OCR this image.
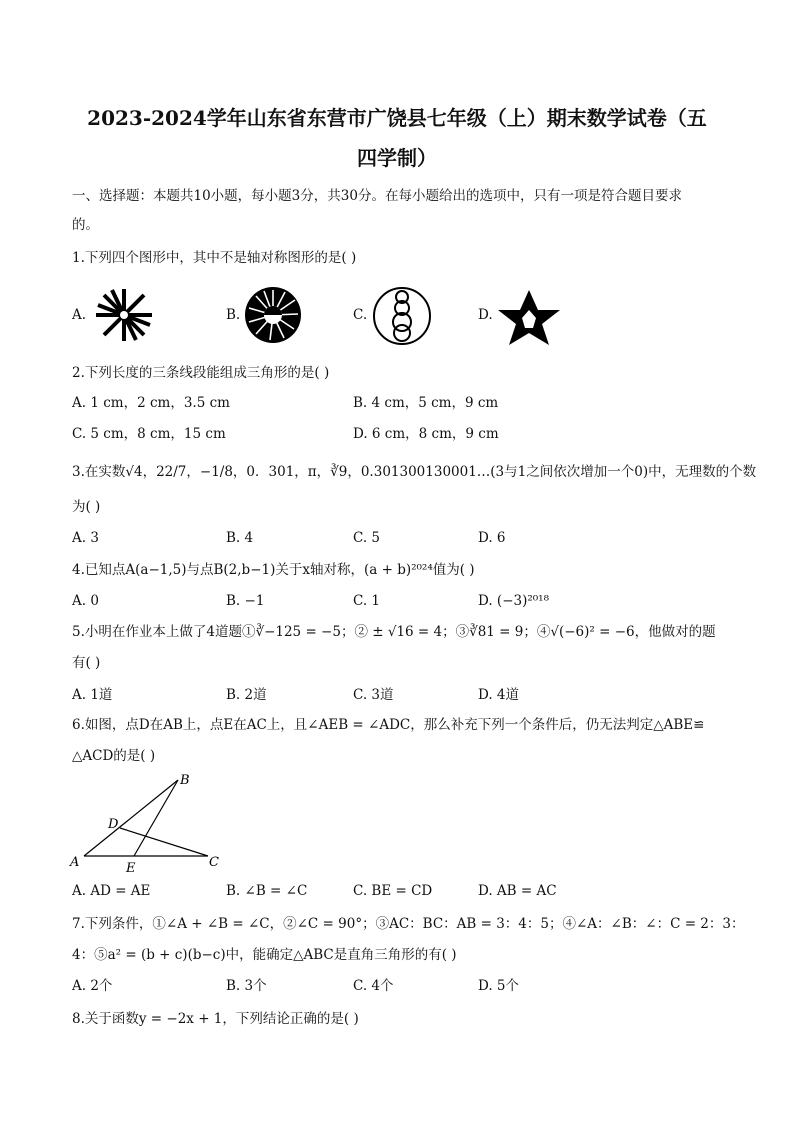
2023-2024学年山东省东营市广饶县七年级（上）期末数学试卷（五
四学制）
一、选择题：本题共10小题，每小题3分，共30分。在每小题给出的选项中，只有一项是符合题目要求
的。
1.下列四个图形中，其中不是轴对称图形的是( )
A.	B.	C.	D.
2.下列长度的三条线段能组成三角形的是( )
A. 1 cm，2 cm，3.5 cm	B. 4 cm，5 cm，9 cm
C. 5 cm，8 cm，15 cm	D. 6 cm，8 cm，9 cm
3.在实数√4，22/7，−1/8，0．301，π，∛9，0.301300130001…(3与1之间依次增加一个0)中，无理数的个数
为( )
A. 3	B. 4	C. 5	D. 6
4.已知点A(a−1,5)与点B(2,b−1)关于x轴对称，(a + b)²⁰²⁴值为( )
A. 0	B. −1	C. 1	D. (−3)²⁰¹⁸
5.小明在作业本上做了4道题①∛−125 = −5；② ± √16 = 4；③∛81 = 9；④√(−6)² = −6，他做对的题
有( )
A. 1道	B. 2道	C. 3道	D. 4道
6.如图，点D在AB上，点E在AC上，且∠AEB = ∠ADC，那么补充下列一个条件后，仍无法判定△ABE≌
△ACD的是( )
A
B
C
D
E
A. AD = AE	B. ∠B = ∠C	C. BE = CD	D. AB = AC
7.下列条件，①∠A + ∠B = ∠C，②∠C = 90°；③AC：BC：AB = 3：4：5；④∠A：∠B：∠：C = 2：3：
4：⑤a² = (b + c)(b−c)中，能确定△ABC是直角三角形的有( )
A. 2个	B. 3个	C. 4个	D. 5个
8.关于函数y = −2x + 1，下列结论正确的是( )
